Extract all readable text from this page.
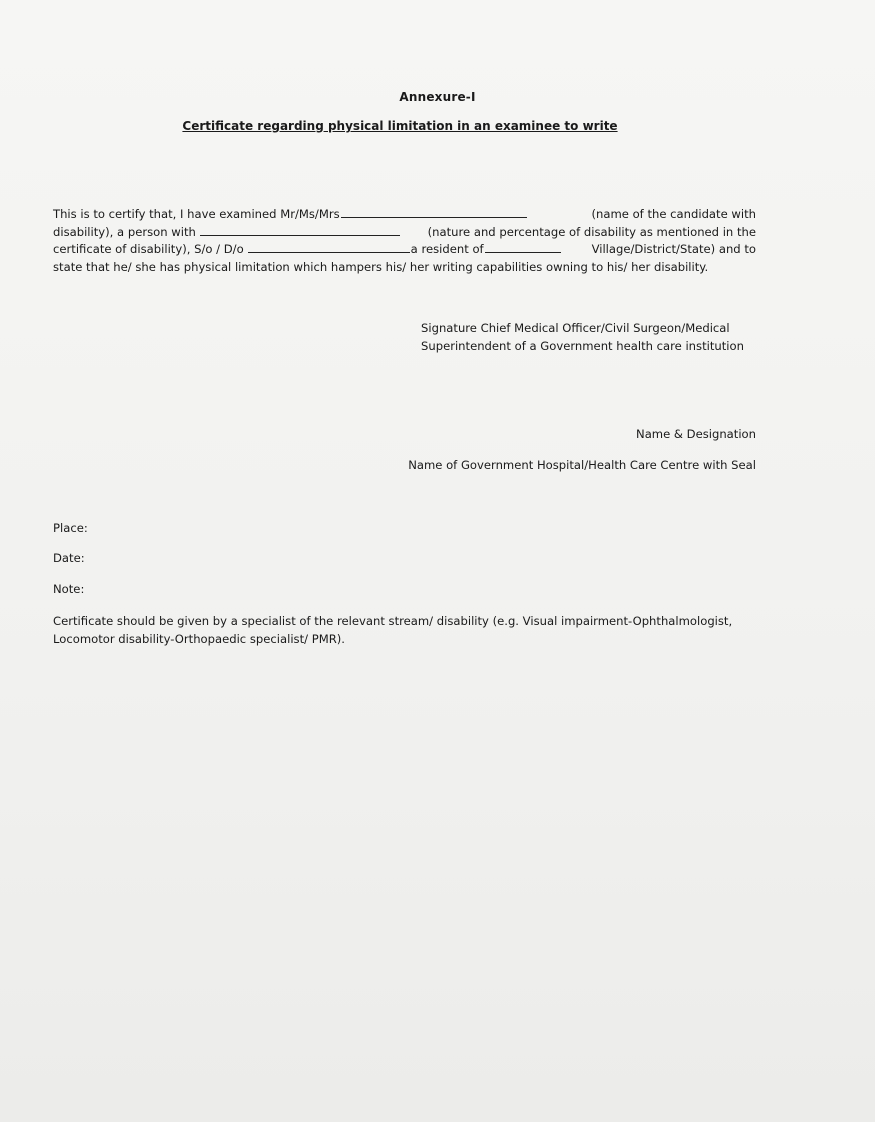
Annexure-I
Certificate regarding physical limitation in an examinee to write
This is to certify that, I have examined Mr/Ms/Mrs	(name of the candidate with
disability), a person with	(nature and percentage of disability as mentioned in the
certificate of disability), S/o / D/o	a resident of	Village/District/State) and to
state that he/ she has physical limitation which hampers his/ her writing capabilities owning to his/ her disability.
Signature Chief Medical Officer/Civil Surgeon/Medical
Superintendent of a Government health care institution
Name & Designation
Name of Government Hospital/Health Care Centre with Seal
Place:
Date:
Note:
Certificate should be given by a specialist of the relevant stream/ disability (e.g. Visual impairment-Ophthalmologist, Locomotor disability-Orthopaedic specialist/ PMR).
